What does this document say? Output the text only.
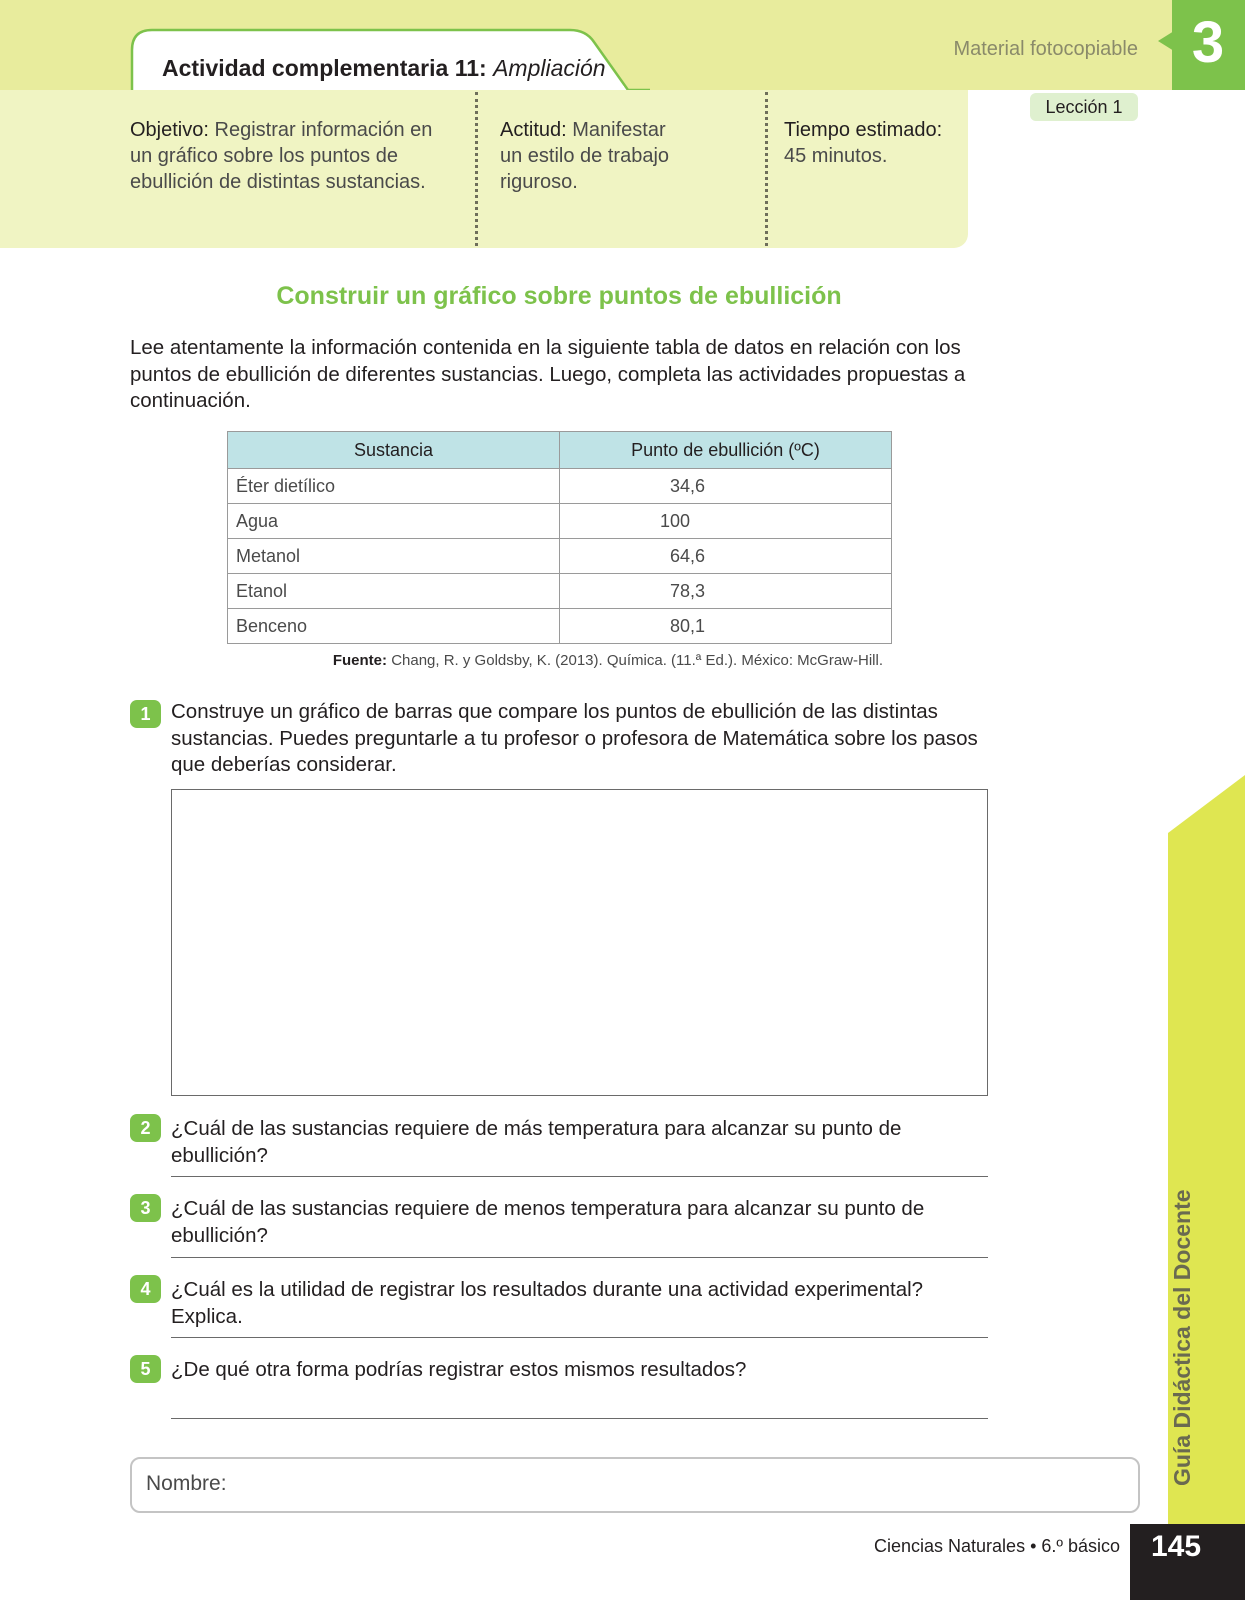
Actividad complementaria 11: Ampliación
Material fotocopiable 3
Objetivo: Registrar información en un gráfico sobre los puntos de ebullición de distintas sustancias.
Actitud: Manifestar un estilo de trabajo riguroso.
Tiempo estimado:
45 minutos.
Lección 1
Guía Didáctica del Docente
Construir un gráfico sobre puntos de ebullición
Lee atentamente la información contenida en la siguiente tabla de datos en relación con los puntos de ebullición de diferentes sustancias. Luego, completa las actividades propuestas a continuación.
Sustancia	Punto de ebullición (ºC)
Éter dietílico	34,6
Agua	100
Metanol	64,6
Etanol	78,3
Benceno	80,1
Fuente: Chang, R. y Goldsby, K. (2013). Química. (11.ª Ed.). México: McGraw-Hill.
1	Construye un gráfico de barras que compare los puntos de ebullición de las distintas sustancias. Puedes preguntarle a tu profesor o profesora de Matemática sobre los pasos que deberías considerar.
2	¿Cuál de las sustancias requiere de más temperatura para alcanzar su punto de ebullición?
3	¿Cuál de las sustancias requiere de menos temperatura para alcanzar su punto de ebullición?
4	¿Cuál es la utilidad de registrar los resultados durante una actividad experimental? Explica.
5	¿De qué otra forma podrías registrar estos mismos resultados?
Nombre:
Ciencias Naturales • 6.º básico	145
